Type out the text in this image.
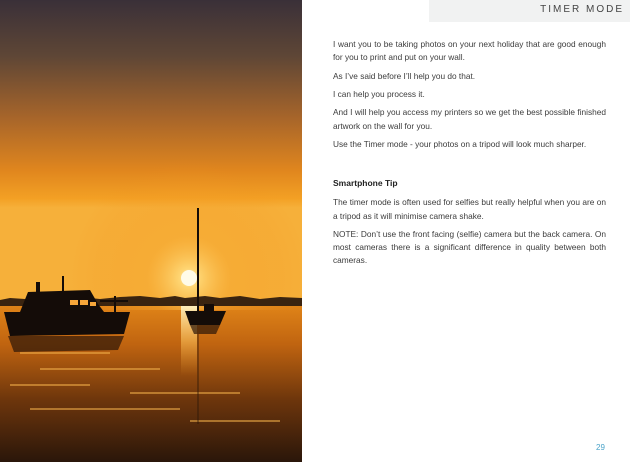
TIMER MODE

I want you to be taking photos on your next holiday that are good enough for you to print and put on your wall.

As I’ve said before I’ll help you do that.

I can help you process it.

And I will help you access my printers so we get the best possible finished artwork on the wall for you.

Use the Timer mode - your photos on a tripod will look much sharper.

Smartphone Tip

The timer mode is often used for selfies but really helpful when you are on a tripod as it will minimise camera shake.

NOTE: Don’t use the front facing (selfie) camera but the back camera. On most cameras there is a significant difference in quality between both cameras.

29
